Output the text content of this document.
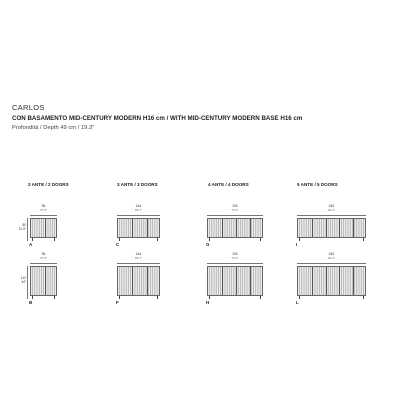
CARLOS
CON BASAMENTO MID-CENTURY MODERN H16 cm / WITH MID-CENTURY MODERN BASE H16 cm
Profondità / Depth 49 cm / 19.3"
2 ANTE / 2 DOORS	3 ANTE / 3 DOORS	4 ANTE / 4 DOORS	5 ANTE / 5 DOORS
96
37.8"
80
31.5"
A
144
56.7"
C
192
75.6"
G
240
94.4"
I
96
37.8"
112
44"
B
144
56.7"
F
192
75.6"
H
240
94.4"
L
